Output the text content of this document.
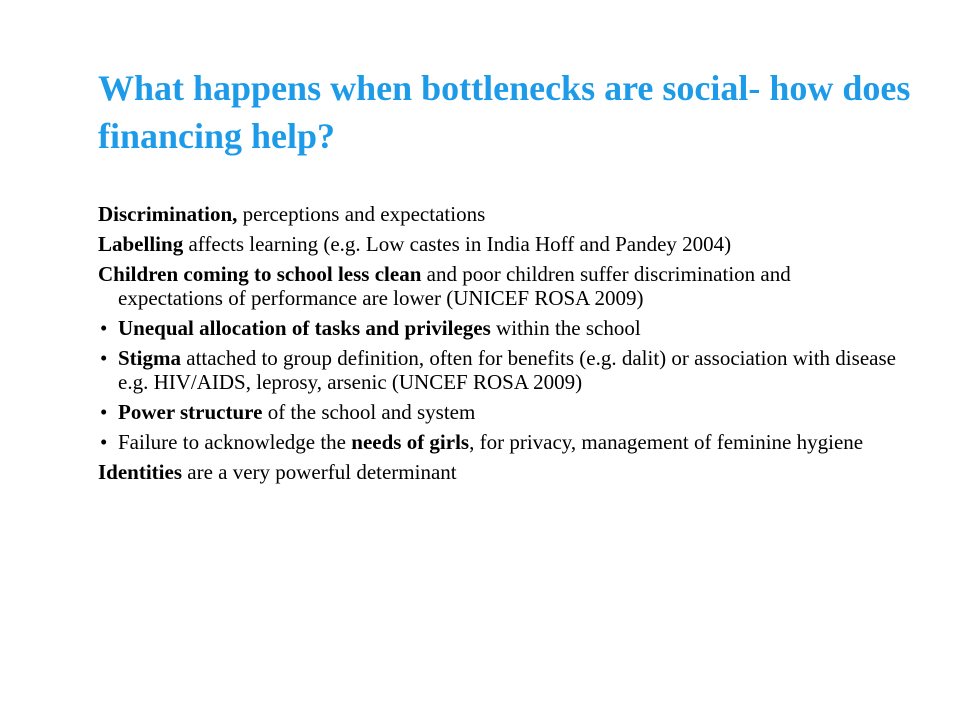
What happens when bottlenecks are social- how does financing help?

Discrimination, perceptions and expectations

Labelling affects learning (e.g. Low castes in India Hoff and Pandey 2004)

Children coming to school less clean and poor children suffer discrimination and expectations of performance are lower (UNICEF ROSA 2009)

• Unequal allocation of tasks and privileges within the school

• Stigma attached to group definition, often for benefits (e.g. dalit) or association with disease e.g. HIV/AIDS, leprosy, arsenic (UNCEF ROSA 2009)

• Power structure of the school and system

• Failure to acknowledge the needs of girls, for privacy, management of feminine hygiene

Identities are a very powerful determinant
